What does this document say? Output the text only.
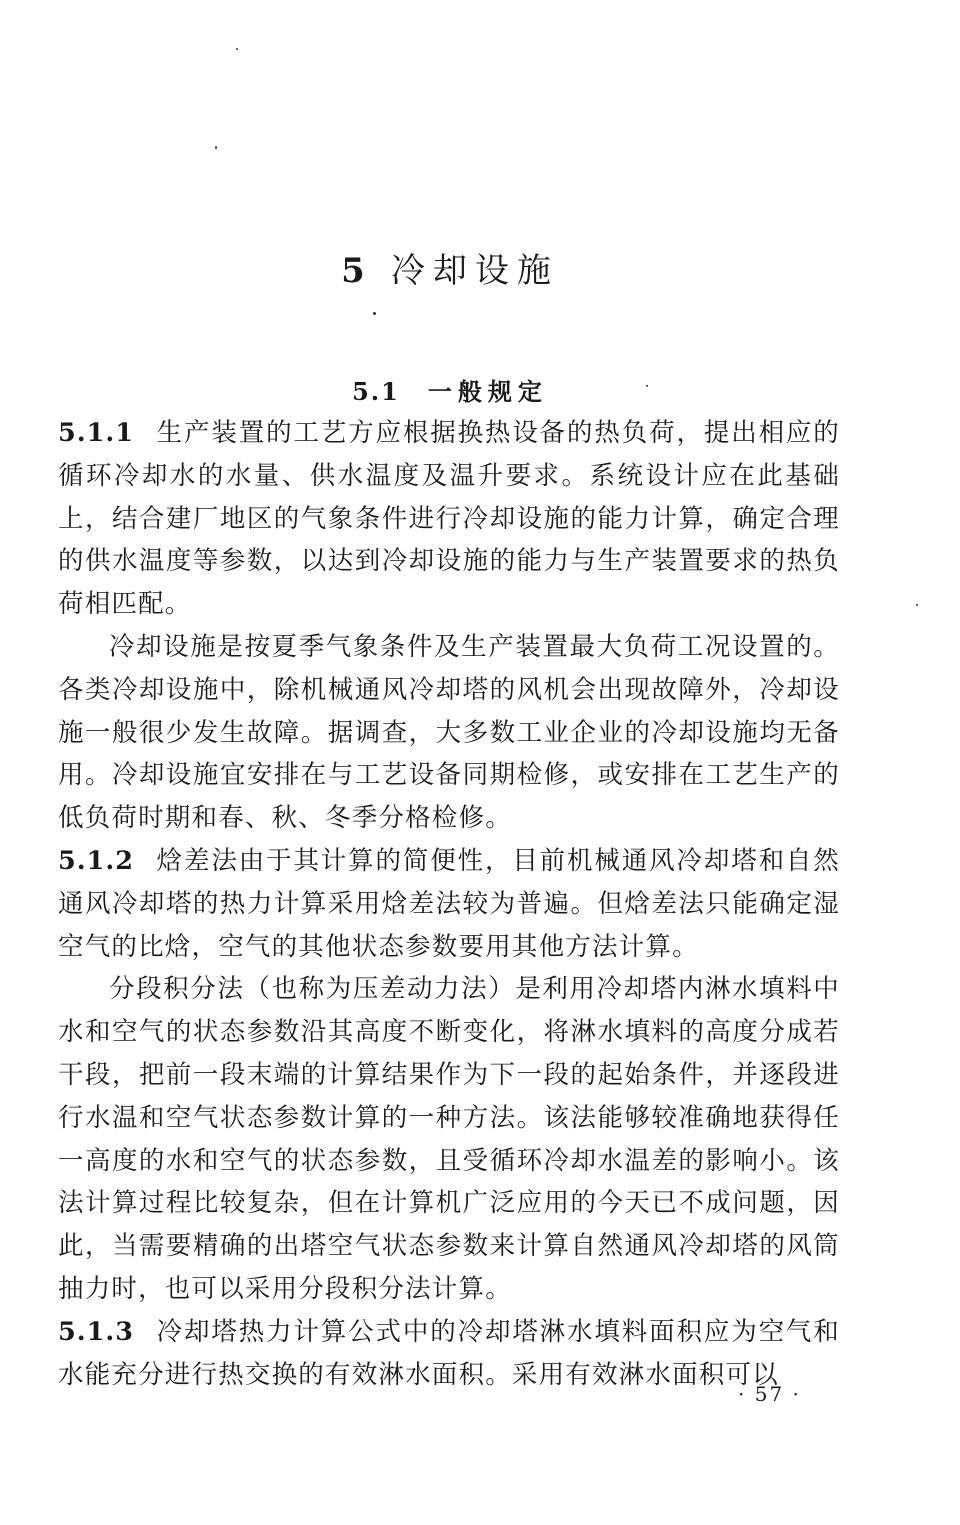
5 冷却设施
5.1 一般规定

5.1.1 生产装置的工艺方应根据换热设备的热负荷，提出相应的循环冷却水的水量、供水温度及温升要求。系统设计应在此基础上，结合建厂地区的气象条件进行冷却设施的能力计算，确定合理的供水温度等参数，以达到冷却设施的能力与生产装置要求的热负荷相匹配。

冷却设施是按夏季气象条件及生产装置最大负荷工况设置的。各类冷却设施中，除机械通风冷却塔的风机会出现故障外，冷却设施一般很少发生故障。据调查，大多数工业企业的冷却设施均无备用。冷却设施宜安排在与工艺设备同期检修，或安排在工艺生产的低负荷时期和春、秋、冬季分格检修。

5.1.2 焓差法由于其计算的简便性，目前机械通风冷却塔和自然通风冷却塔的热力计算采用焓差法较为普遍。但焓差法只能确定湿空气的比焓，空气的其他状态参数要用其他方法计算。

分段积分法（也称为压差动力法）是利用冷却塔内淋水填料中水和空气的状态参数沿其高度不断变化，将淋水填料的高度分成若干段，把前一段末端的计算结果作为下一段的起始条件，并逐段进行水温和空气状态参数计算的一种方法。该法能够较准确地获得任一高度的水和空气的状态参数，且受循环冷却水温差的影响小。该法计算过程比较复杂，但在计算机广泛应用的今天已不成问题，因此，当需要精确的出塔空气状态参数来计算自然通风冷却塔的风筒抽力时，也可以采用分段积分法计算。

5.1.3 冷却塔热力计算公式中的冷却塔淋水填料面积应为空气和水能充分进行热交换的有效淋水面积。采用有效淋水面积可以

· 57 ·
